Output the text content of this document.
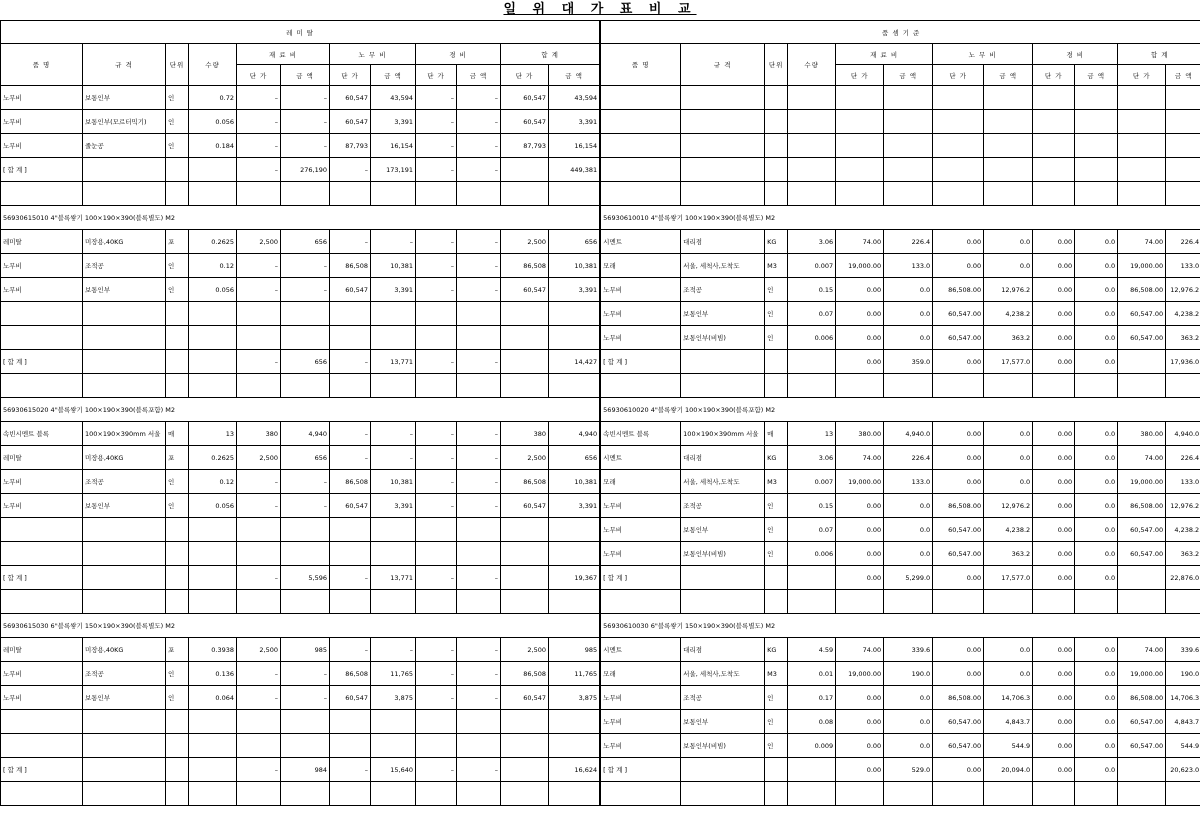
일 위 대 가 표 비 교
레 미 탈											
품 명	규 격	단위	수량	재 료 비		노 무 비		경 비		합 계	
				단 가	금 액	단 가	금 액	단 가	금 액	단 가	금 액
노무비	보통인부	인	0.72	–	–	60,547	43,594	–	–	60,547	43,594
노무비	보통인부(모르터믹기)	인	0.056	–	–	60,547	3,391	–	–	60,547	3,391
노무비	줄눈공	인	0.184	–	–	87,793	16,154	–	–	87,793	16,154
[ 합 계 ]				–	276,190	–	173,191	–	–		449,381

56930615010 4"블록쌓기 100×190×390(블록별도) M2											
레미탈	미장용,40KG	포	0.2625	2,500	656	–	–	–	–	2,500	656
노무비	조적공	인	0.12	–	–	86,508	10,381	–	–	86,508	10,381
노무비	보통인부	인	0.056	–	–	60,547	3,391	–	–	60,547	3,391

[ 합 계 ]				–	656	–	13,771	–	–		14,427

56930615020 4"블록쌓기 100×190×390(블록포함) M2											
속빈시멘트 블록	100×190×390mm 서울	매	13	380	4,940	–	–	–	–	380	4,940
레미탈	미장용,40KG	포	0.2625	2,500	656	–	–	–	–	2,500	656
노무비	조적공	인	0.12	–	–	86,508	10,381	–	–	86,508	10,381
노무비	보통인부	인	0.056	–	–	60,547	3,391	–	–	60,547	3,391

[ 합 계 ]				–	5,596	–	13,771	–	–		19,367

56930615030 6"블록쌓기 150×190×390(블록별도) M2											
레미탈	미장용,40KG	포	0.3938	2,500	985	–	–	–	–	2,500	985
노무비	조적공	인	0.136	–	–	86,508	11,765	–	–	86,508	11,765
노무비	보통인부	인	0.064	–	–	60,547	3,875	–	–	60,547	3,875

[ 합 계 ]				–	984	–	15,640	–	–		16,624

품 셈 기 준											
품 명	규 격	단위	수량	재 료 비		노 무 비		경 비		합 계	
				단 가	금 액	단 가	금 액	단 가	금 액	단 가	금 액

56930610010 4"블록쌓기 100×190×390(블록별도) M2											
시멘트	대리점	KG	3.06	74.00	226.4	0.00	0.0	0.00	0.0	74.00	226.4
모래	서울, 세척사,도착도	M3	0.007	19,000.00	133.0	0.00	0.0	0.00	0.0	19,000.00	133.0
노무비	조적공	인	0.15	0.00	0.0	86,508.00	12,976.2	0.00	0.0	86,508.00	12,976.2
노무비	보통인부	인	0.07	0.00	0.0	60,547.00	4,238.2	0.00	0.0	60,547.00	4,238.2
노무비	보통인부(비빔)	인	0.006	0.00	0.0	60,547.00	363.2	0.00	0.0	60,547.00	363.2
[ 합 계 ]				0.00	359.0	0.00	17,577.0	0.00	0.0		17,936.0

56930610020 4"블록쌓기 100×190×390(블록포함) M2											
속빈시멘트 블록	100×190×390mm 서울	매	13	380.00	4,940.0	0.00	0.0	0.00	0.0	380.00	4,940.0
시멘트	대리점	KG	3.06	74.00	226.4	0.00	0.0	0.00	0.0	74.00	226.4
모래	서울, 세척사,도착도	M3	0.007	19,000.00	133.0	0.00	0.0	0.00	0.0	19,000.00	133.0
노무비	조적공	인	0.15	0.00	0.0	86,508.00	12,976.2	0.00	0.0	86,508.00	12,976.2
노무비	보통인부	인	0.07	0.00	0.0	60,547.00	4,238.2	0.00	0.0	60,547.00	4,238.2
노무비	보통인부(비빔)	인	0.006	0.00	0.0	60,547.00	363.2	0.00	0.0	60,547.00	363.2
[ 합 계 ]				0.00	5,299.0	0.00	17,577.0	0.00	0.0		22,876.0

56930610030 6"블록쌓기 150×190×390(블록별도) M2											
시멘트	대리점	KG	4.59	74.00	339.6	0.00	0.0	0.00	0.0	74.00	339.6
모래	서울, 세척사,도착도	M3	0.01	19,000.00	190.0	0.00	0.0	0.00	0.0	19,000.00	190.0
노무비	조적공	인	0.17	0.00	0.0	86,508.00	14,706.3	0.00	0.0	86,508.00	14,706.3
노무비	보통인부	인	0.08	0.00	0.0	60,547.00	4,843.7	0.00	0.0	60,547.00	4,843.7
노무비	보통인부(비빔)	인	0.009	0.00	0.0	60,547.00	544.9	0.00	0.0	60,547.00	544.9
[ 합 계 ]				0.00	529.0	0.00	20,094.0	0.00	0.0		20,623.0
